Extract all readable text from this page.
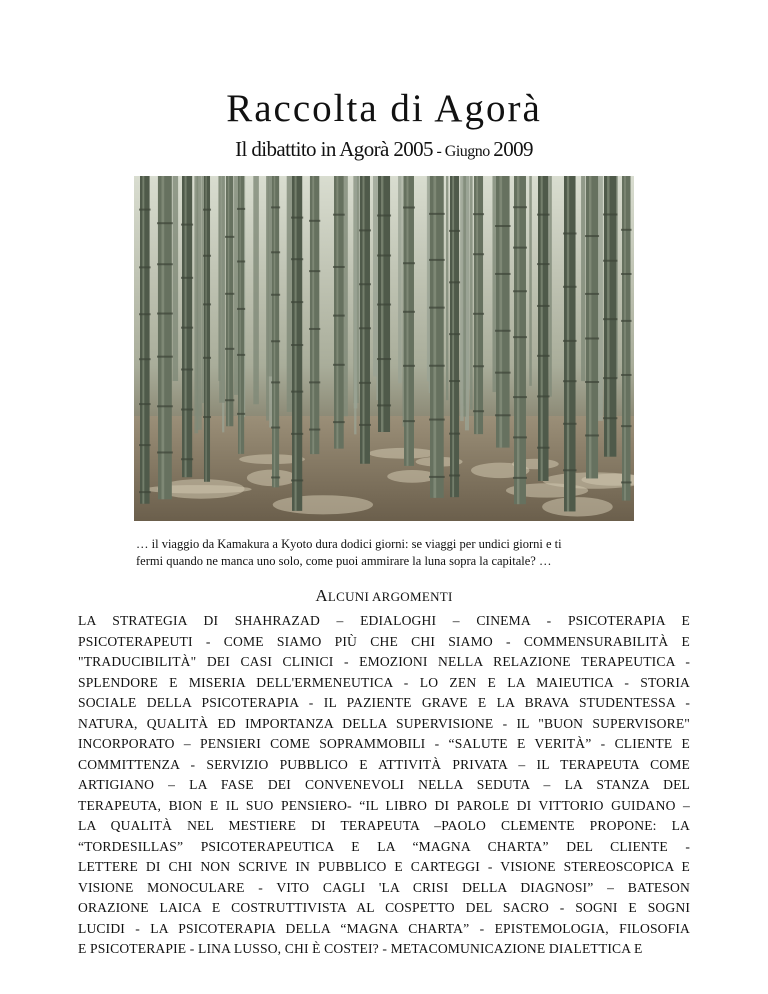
Raccolta di Agorà
Il dibattito in Agorà 2005 - Giugno 2009
… il viaggio da Kamakura a Kyoto dura dodici giorni: se viaggi per undici giorni e ti
fermi quando ne manca uno solo, come puoi ammirare la luna sopra la capitale? …
ALCUNI ARGOMENTI
LA STRATEGIA DI SHAHRAZAD – EDIALOGHI – CINEMA - PSICOTERAPIA E
PSICOTERAPEUTI - COME SIAMO PIÙ CHE CHI SIAMO - COMMENSURABILITÀ E
"TRADUCIBILITÀ" DEI CASI CLINICI - EMOZIONI NELLA RELAZIONE TERAPEUTICA -
SPLENDORE E MISERIA DELL'ERMENEUTICA - LO ZEN E LA MAIEUTICA - STORIA
SOCIALE DELLA PSICOTERAPIA - IL PAZIENTE GRAVE E LA BRAVA STUDENTESSA -
NATURA, QUALITÀ ED IMPORTANZA DELLA SUPERVISIONE - IL "BUON SUPERVISORE"
INCORPORATO – PENSIERI COME SOPRAMMOBILI - “SALUTE E VERITÀ” - CLIENTE E
COMMITTENZA - SERVIZIO PUBBLICO E ATTIVITÀ PRIVATA – IL TERAPEUTA COME
ARTIGIANO – LA FASE DEI CONVENEVOLI NELLA SEDUTA – LA STANZA DEL
TERAPEUTA, BION E IL SUO PENSIERO- “IL LIBRO DI PAROLE DI VITTORIO GUIDANO –
LA QUALITÀ NEL MESTIERE DI TERAPEUTA –PAOLO CLEMENTE PROPONE: LA
“TORDESILLAS” PSICOTERAPEUTICA E LA “MAGNA CHARTA” DEL CLIENTE -
LETTERE DI CHI NON SCRIVE IN PUBBLICO E CARTEGGI - VISIONE STEREOSCOPICA E
VISIONE MONOCULARE - VITO CAGLI 'LA CRISI DELLA DIAGNOSI” – BATESON
ORAZIONE LAICA E COSTRUTTIVISTA AL COSPETTO DEL SACRO - SOGNI E SOGNI
LUCIDI - LA PSICOTERAPIA DELLA “MAGNA CHARTA” - EPISTEMOLOGIA, FILOSOFIA
E PSICOTERAPIE - LINA LUSSO, CHI È COSTEI? - METACOMUNICAZIONE DIALETTICA E
